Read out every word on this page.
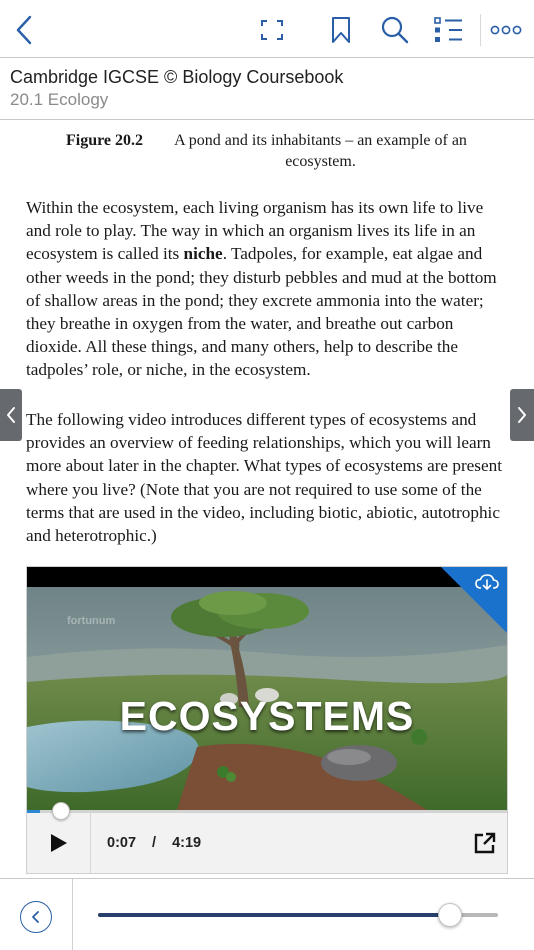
Cambridge IGCSE © Biology Coursebook
20.1 Ecology
Figure 20.2	A pond and its inhabitants – an example of an ecosystem.

Within the ecosystem, each living organism has its own life to live and role to play. The way in which an organism lives its life in an ecosystem is called its niche. Tadpoles, for example, eat algae and other weeds in the pond; they disturb pebbles and mud at the bottom of shallow areas in the pond; they excrete ammonia into the water; they breathe in oxygen from the water, and breathe out carbon dioxide. All these things, and many others, help to describe the tadpoles’ role, or niche, in the ecosystem.

The following video introduces different types of ecosystems and provides an overview of feeding relationships, which you will learn more about later in the chapter. What types of ecosystems are present where you live? (Note that you are not required to use some of the terms that are used in the video, including biotic, abiotic, autotrophic and heterotrophic.)

fortunum
ECOSYSTEMS
0:07 / 4:19
